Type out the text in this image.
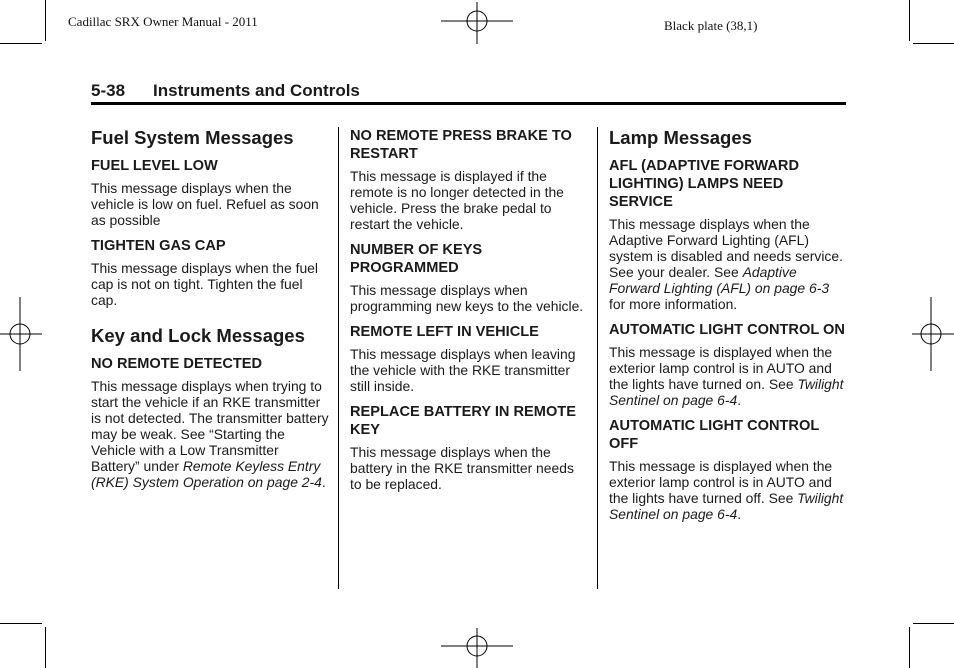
Cadillac SRX Owner Manual - 2011	Black plate (38,1)
5-38 Instruments and Controls
Fuel System Messages
FUEL LEVEL LOW
This message displays when the vehicle is low on fuel. Refuel as soon as possible
TIGHTEN GAS CAP
This message displays when the fuel cap is not on tight. Tighten the fuel cap.
Key and Lock Messages
NO REMOTE DETECTED
This message displays when trying to start the vehicle if an RKE transmitter is not detected. The transmitter battery may be weak. See “Starting the Vehicle with a Low Transmitter Battery” under Remote Keyless Entry (RKE) System Operation on page 2-4.
NO REMOTE PRESS BRAKE TO RESTART
This message is displayed if the remote is no longer detected in the vehicle. Press the brake pedal to restart the vehicle.
NUMBER OF KEYS PROGRAMMED
This message displays when programming new keys to the vehicle.
REMOTE LEFT IN VEHICLE
This message displays when leaving the vehicle with the RKE transmitter still inside.
REPLACE BATTERY IN REMOTE KEY
This message displays when the battery in the RKE transmitter needs to be replaced.
Lamp Messages
AFL (ADAPTIVE FORWARD LIGHTING) LAMPS NEED SERVICE
This message displays when the Adaptive Forward Lighting (AFL) system is disabled and needs service. See your dealer. See Adaptive Forward Lighting (AFL) on page 6-3 for more information.
AUTOMATIC LIGHT CONTROL ON
This message is displayed when the exterior lamp control is in AUTO and the lights have turned on. See Twilight Sentinel on page 6-4.
AUTOMATIC LIGHT CONTROL OFF
This message is displayed when the exterior lamp control is in AUTO and the lights have turned off. See Twilight Sentinel on page 6-4.
